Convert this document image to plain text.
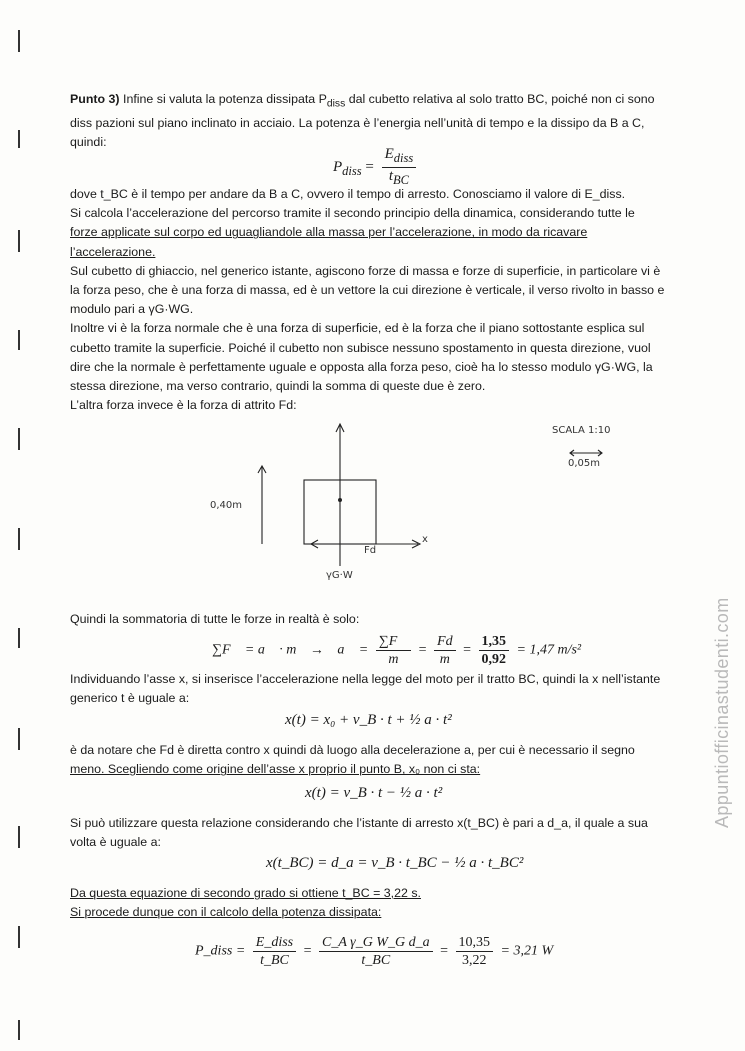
Punto 3) Infine si valuta la potenza dissipata $P_{diss}$ dal cubetto relativa al solo tratto BC, poiché non ci sono
diss pazioni sul piano inclinato in acciaio. La potenza è l’energia nell’unità di tempo e la dissipo da B a C,
quindi:

$P_{diss} = \frac{E_{diss}}{t_{BC}}$

dove t_BC è il tempo per andare da B a C, ovvero il tempo di arresto. Conosciamo il valore di E_diss.
Si calcola l’accelerazione del percorso tramite il secondo principio della dinamica, considerando tutte le
forze applicate sul corpo ed uguagliandole alla massa per l’accelerazione, in modo da ricavare
l’accelerazione.
Sul cubetto di ghiaccio, nel generico istante, agiscono forze di massa e forze di superficie, in particolare vi è
la forza peso, che è una forza di massa, ed è un vettore la cui direzione è verticale, il verso rivolto in basso e
modulo pari a γG·WG.
Inoltre vi è la forza normale che è una forza di superficie, ed è la forza che il piano sottostante esplica sul
cubetto tramite la superficie. Poiché il cubetto non subisce nessuno spostamento in questa direzione, vuol
dire che la normale è perfettamente uguale e opposta alla forza peso, cioè ha lo stesso modulo γG·WG, la
stessa direzione, ma verso contrario, quindi la somma di queste due è zero.
L’altra forza invece è la forza di attrito Fd:

SCALA 1:10
0,05m
0,40m
Fd
x
γG·W

Quindi la sommatoria di tutte le forze in realtà è solo:

∑F⃗ = a⃗ · m → a⃗ = $\frac{\sum F⃗}{m} = \frac{Fd}{m} = \frac{1,35}{0,92} = 1,47$ m/s²

Individuando l’asse x, si inserisce l’accelerazione nella legge del moto per il tratto BC, quindi la x nell’istante
generico t è uguale a:

x(t) = x₀ + v_B · t + ½ a · t²

è da notare che Fd è diretta contro x quindi dà luogo alla decelerazione a, per cui è necessario il segno
meno. Scegliendo come origine dell’asse x proprio il punto B, x₀ non ci sta:

x(t) = v_B · t − ½ a · t²

Si può utilizzare questa relazione considerando che l’istante di arresto x(t_BC) è pari a d_a, il quale a sua
volta è uguale a:

x(t_BC) = d_a = v_B · t_BC − ½ a · t_BC²

Da questa equazione di secondo grado si ottiene t_BC = 3,22 s.
Si procede dunque con il calcolo della potenza dissipata:

P_diss = $\frac{\text{E\_diss}}{t\_BC} = \frac{\text{C\_A γ\_G W\_G d\_a}}{t\_BC} = \frac{10,35}{3,22} = 3,21$ W
Appuntiofficinastudenti.com
